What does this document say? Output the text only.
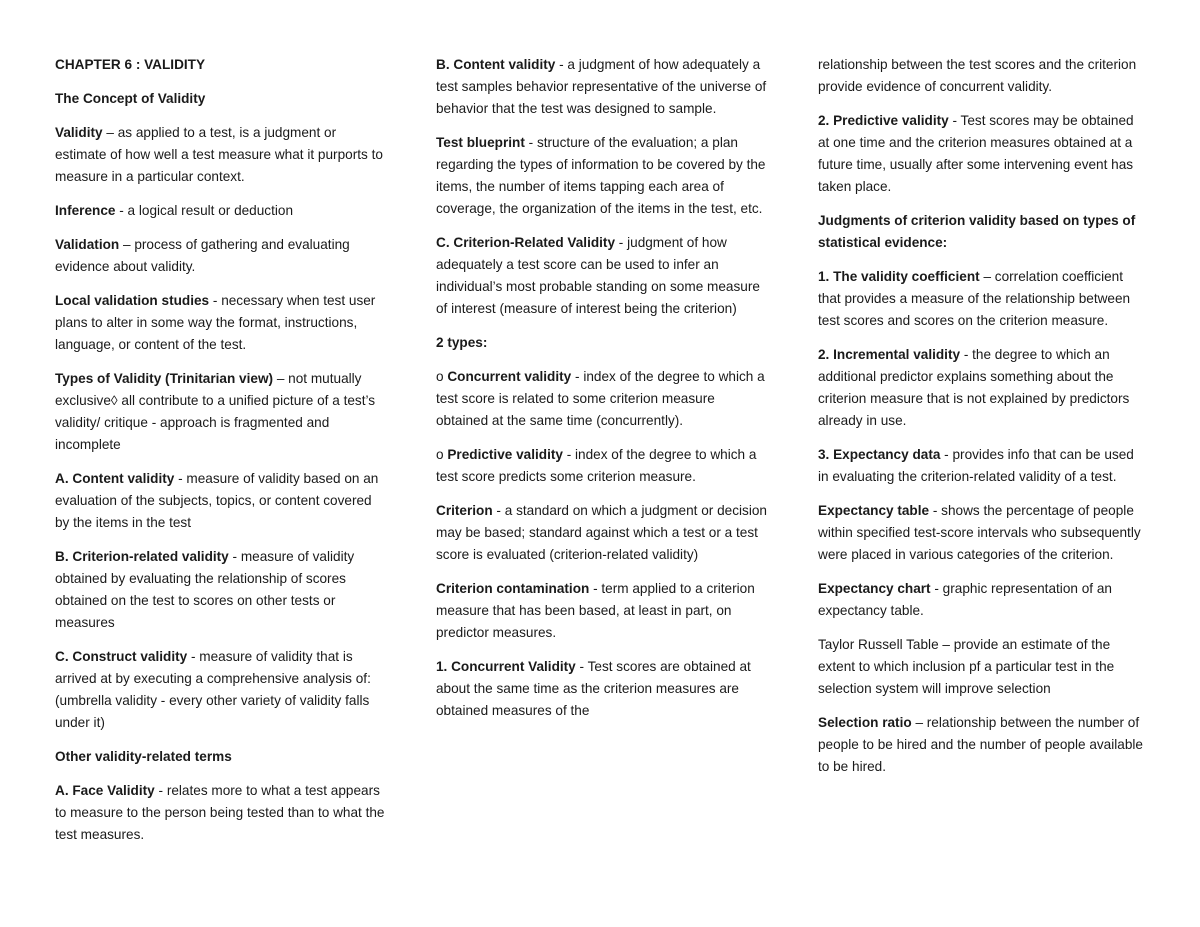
CHAPTER 6 : VALIDITY

The Concept of Validity

Validity – as applied to a test, is a judgment or estimate of how well a test measure what it purports to measure in a particular context.

Inference - a logical result or deduction

Validation – process of gathering and evaluating evidence about validity.

Local validation studies - necessary when test user plans to alter in some way the format, instructions, language, or content of the test.

Types of Validity (Trinitarian view) – not mutually exclusive◊ all contribute to a unified picture of a test’s validity/ critique - approach is fragmented and incomplete

A. Content validity - measure of validity based on an evaluation of the subjects, topics, or content covered by the items in the test

B. Criterion-related validity - measure of validity obtained by evaluating the relationship of scores obtained on the test to scores on other tests or measures

C. Construct validity - measure of validity that is arrived at by executing a comprehensive analysis of: (umbrella validity - every other variety of validity falls under it)

Other validity-related terms

A. Face Validity - relates more to what a test appears to measure to the person being tested than to what the test measures.

B. Content validity - a judgment of how adequately a test samples behavior representative of the universe of behavior that the test was designed to sample.

Test blueprint - structure of the evaluation; a plan regarding the types of information to be covered by the items, the number of items tapping each area of coverage, the organization of the items in the test, etc.

C. Criterion-Related Validity - judgment of how adequately a test score can be used to infer an individual’s most probable standing on some measure of interest (measure of interest being the criterion)

2 types:

o Concurrent validity - index of the degree to which a test score is related to some criterion measure obtained at the same time (concurrently).

o Predictive validity - index of the degree to which a test score predicts some criterion measure.

Criterion - a standard on which a judgment or decision may be based; standard against which a test or a test score is evaluated (criterion-related validity)

Criterion contamination - term applied to a criterion measure that has been based, at least in part, on predictor measures.

1. Concurrent Validity - Test scores are obtained at about the same time as the criterion measures are obtained measures of the

relationship between the test scores and the criterion provide evidence of concurrent validity.

2. Predictive validity - Test scores may be obtained at one time and the criterion measures obtained at a future time, usually after some intervening event has taken place.

Judgments of criterion validity based on types of statistical evidence:

1. The validity coefficient – correlation coefficient that provides a measure of the relationship between test scores and scores on the criterion measure.

2. Incremental validity - the degree to which an additional predictor explains something about the criterion measure that is not explained by predictors already in use.

3. Expectancy data - provides info that can be used in evaluating the criterion-related validity of a test.

Expectancy table - shows the percentage of people within specified test-score intervals who subsequently were placed in various categories of the criterion.

Expectancy chart - graphic representation of an expectancy table.

Taylor Russell Table – provide an estimate of the extent to which inclusion pf a particular test in the selection system will improve selection

Selection ratio – relationship between the number of people to be hired and the number of people available to be hired.
